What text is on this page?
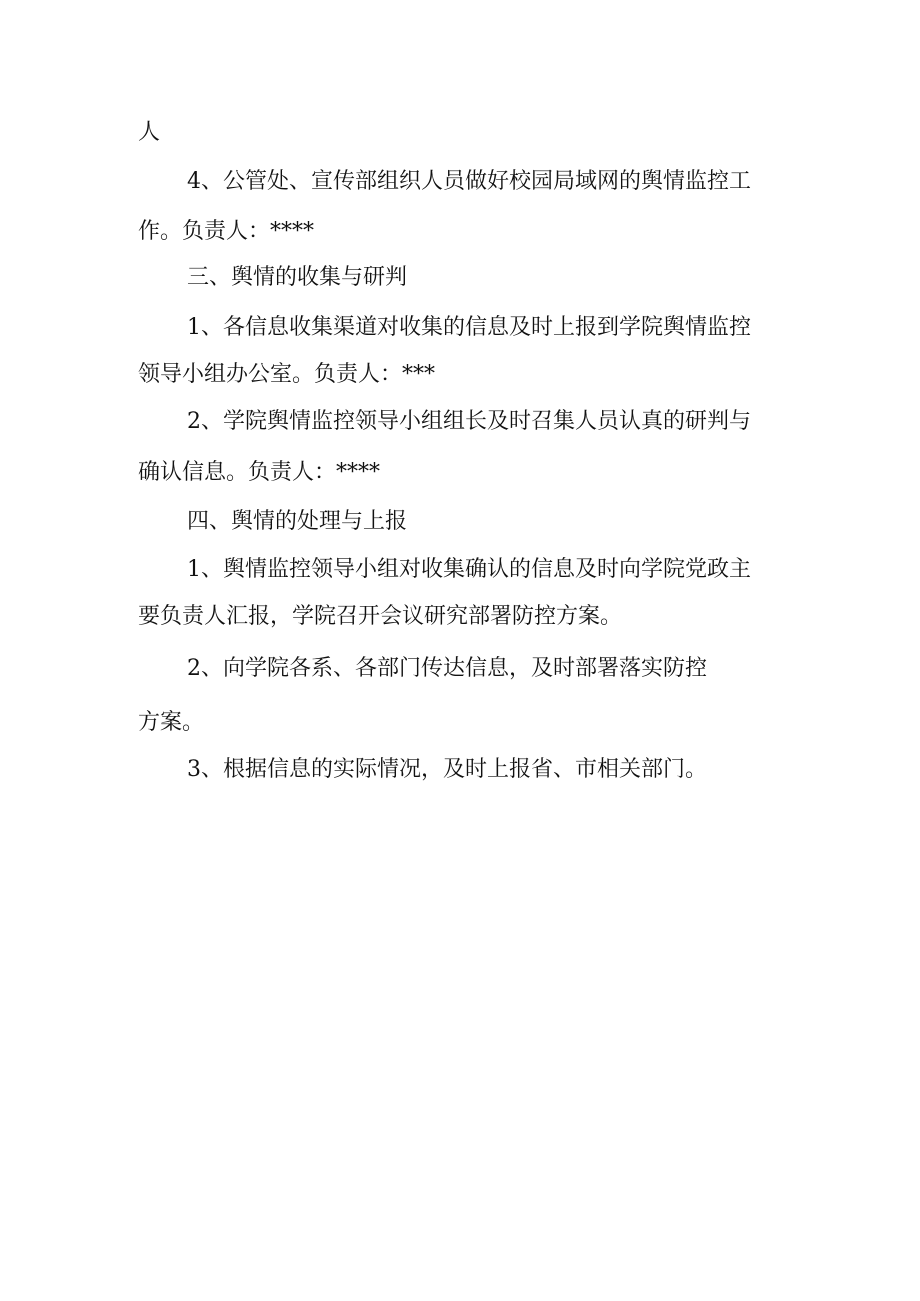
人
4、公管处、宣传部组织人员做好校园局域网的舆情监控工
作。负责人：****
三、舆情的收集与研判
1、各信息收集渠道对收集的信息及时上报到学院舆情监控
领导小组办公室。负责人：***
2、学院舆情监控领导小组组长及时召集人员认真的研判与
确认信息。负责人：****
四、舆情的处理与上报
1、舆情监控领导小组对收集确认的信息及时向学院党政主
要负责人汇报，学院召开会议研究部署防控方案。
2、向学院各系、各部门传达信息，及时部署落实防控
方案。
3、根据信息的实际情况，及时上报省、市相关部门。
